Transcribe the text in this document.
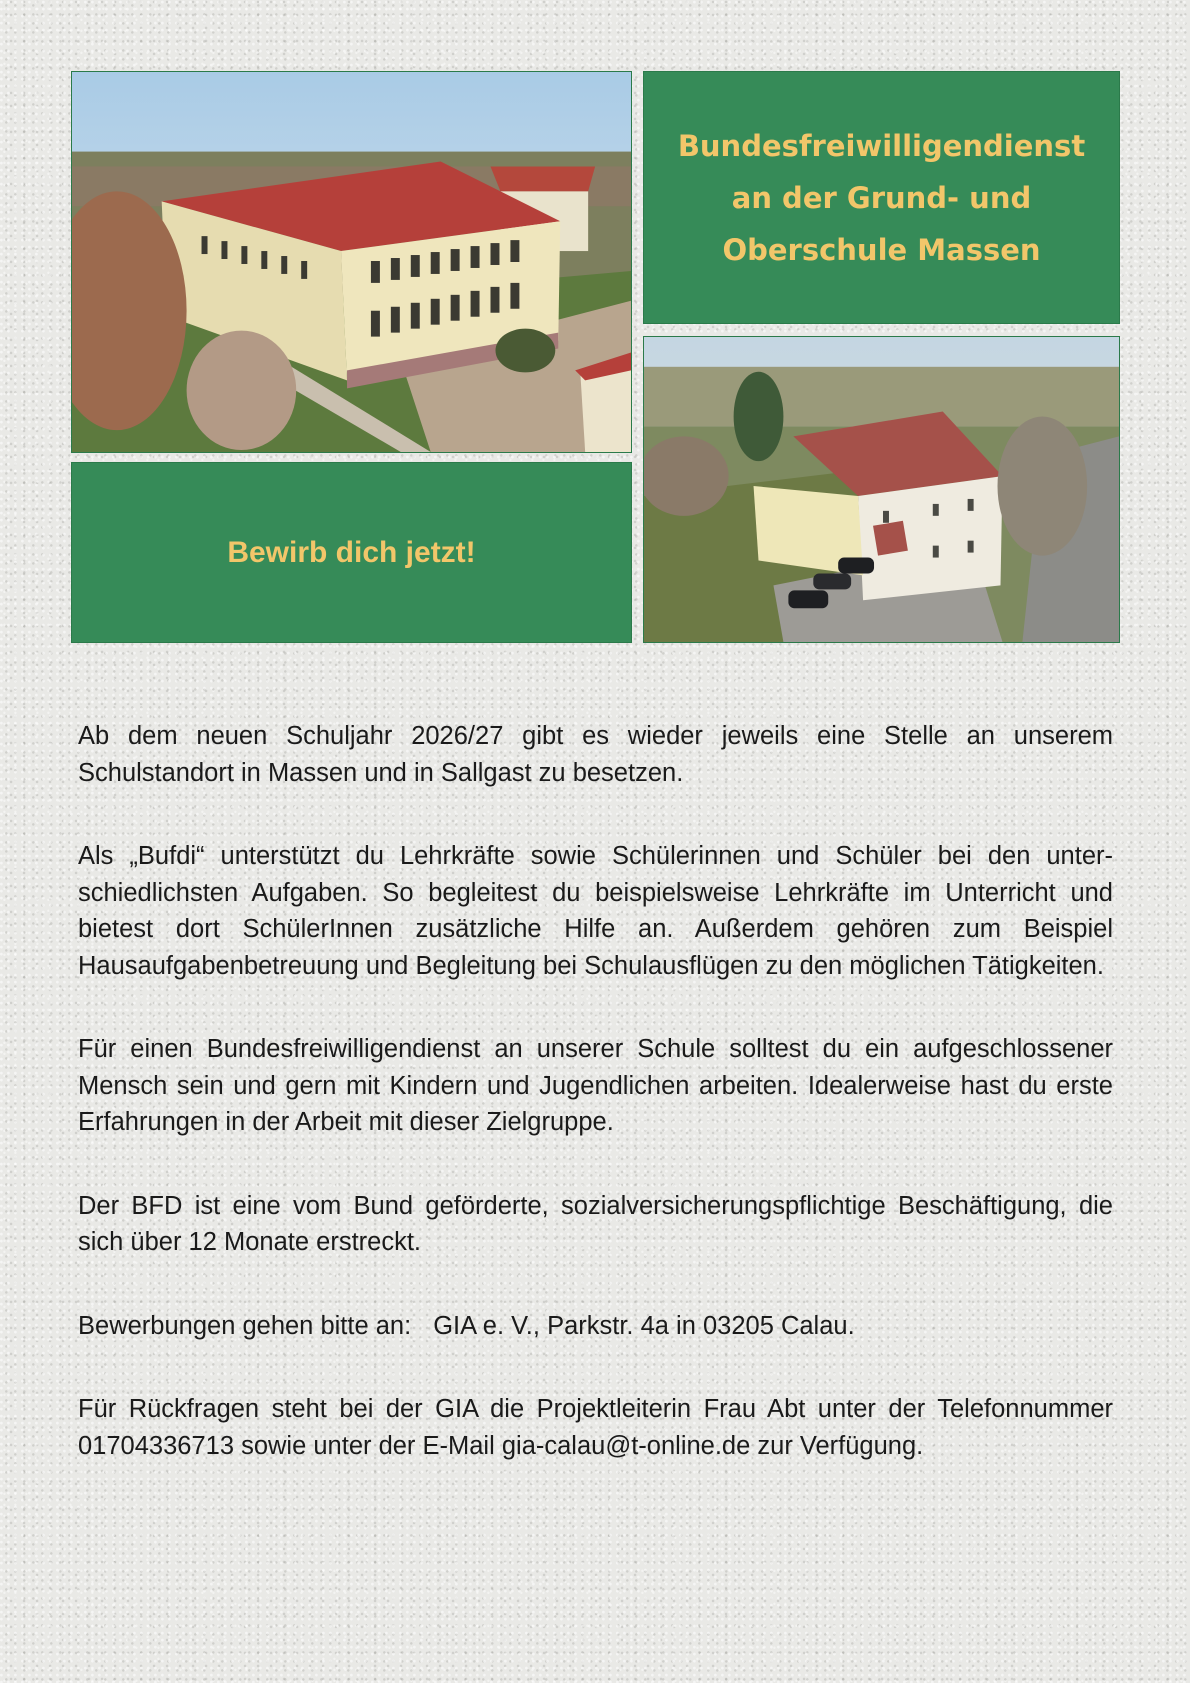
Bundesfreiwilligendienst an der Grund- und Oberschule Massen
Bewirb dich jetzt!

Ab dem neuen Schuljahr 2026/27 gibt es wieder jeweils eine Stelle an unserem Schulstandort in Massen und in Sallgast zu besetzen.

Als „Bufdi“ unterstützt du Lehrkräfte sowie Schülerinnen und Schüler bei den unterschiedlichsten Aufgaben. So begleitest du beispielsweise Lehrkräfte im Unterricht und bietest dort SchülerInnen zusätzliche Hilfe an. Außerdem gehören zum Beispiel Hausaufgabenbetreuung und Begleitung bei Schulausflügen zu den möglichen Tätigkeiten.

Für einen Bundesfreiwilligendienst an unserer Schule solltest du ein aufgeschlossener Mensch sein und gern mit Kindern und Jugendlichen arbeiten. Idealerweise hast du erste Erfahrungen in der Arbeit mit dieser Zielgruppe.

Der BFD ist eine vom Bund geförderte, sozialversicherungspflichtige Beschäftigung, die sich über 12 Monate erstreckt.

Bewerbungen gehen bitte an: GIA e. V., Parkstr. 4a in 03205 Calau.

Für Rückfragen steht bei der GIA die Projektleiterin Frau Abt unter der Telefonnummer 01704336713 sowie unter der E-Mail gia-calau@t-online.de zur Verfügung.
